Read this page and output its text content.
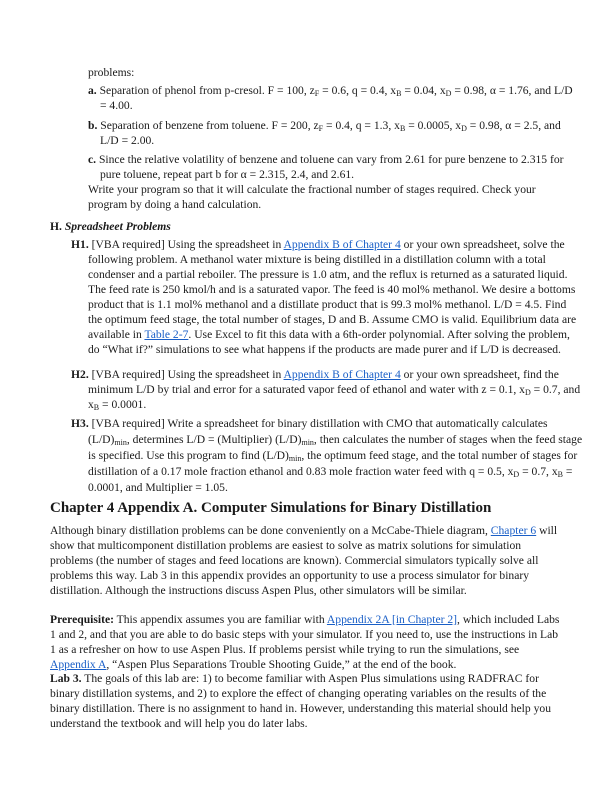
problems:

a. Separation of phenol from p-cresol. F = 100, $z_F = 0.6$, q = 0.4, $x_B = 0.04$, $x_D = 0.98$, α = 1.76, and L/D = 4.00.

b. Separation of benzene from toluene. F = 200, $z_F = 0.4$, q = 1.3, $x_B = 0.0005$, $x_D = 0.98$, α = 2.5, and L/D = 2.00.

c. Since the relative volatility of benzene and toluene can vary from 2.61 for pure benzene to 2.315 for pure toluene, repeat part b for α = 2.315, 2.4, and 2.61.

Write your program so that it will calculate the fractional number of stages required. Check your program by doing a hand calculation.

H. Spreadsheet Problems

H1. [VBA required] Using the spreadsheet in Appendix B of Chapter 4 or your own spreadsheet, solve the following problem. A methanol water mixture is being distilled in a distillation column with a total condenser and a partial reboiler. The pressure is 1.0 atm, and the reflux is returned as a saturated liquid. The feed rate is 250 kmol/h and is a saturated vapor. The feed is 40 mol% methanol. We desire a bottoms product that is 1.1 mol% methanol and a distillate product that is 99.3 mol% methanol. L/D = 4.5. Find the optimum feed stage, the total number of stages, D and B. Assume CMO is valid. Equilibrium data are available in Table 2-7. Use Excel to fit this data with a 6th-order polynomial. After solving the problem, do “What if?” simulations to see what happens if the products are made purer and if L/D is decreased.

H2. [VBA required] Using the spreadsheet in Appendix B of Chapter 4 or your own spreadsheet, find the minimum L/D by trial and error for a saturated vapor feed of ethanol and water with z = 0.1, $x_D = 0.7$, and $x_B = 0.0001$.

H3. [VBA required] Write a spreadsheet for binary distillation with CMO that automatically calculates $(L/D)_{min}$, determines L/D = (Multiplier) $(L/D)_{min}$, then calculates the number of stages when the feed stage is specified. Use this program to find $(L/D)_{min}$, the optimum feed stage, and the total number of stages for distillation of a 0.17 mole fraction ethanol and 0.83 mole fraction water feed with q = 0.5, $x_D = 0.7$, $x_B = 0.0001$, and Multiplier = 1.05.

Chapter 4 Appendix A. Computer Simulations for Binary Distillation

Although binary distillation problems can be done conveniently on a McCabe-Thiele diagram, Chapter 6 will show that multicomponent distillation problems are easiest to solve as matrix solutions for simulation problems (the number of stages and feed locations are known). Commercial simulators typically solve all problems this way. Lab 3 in this appendix provides an opportunity to use a process simulator for binary distillation. Although the instructions discuss Aspen Plus, other simulators will be similar.

Prerequisite: This appendix assumes you are familiar with Appendix 2A [in Chapter 2], which included Labs 1 and 2, and that you are able to do basic steps with your simulator. If you need to, use the instructions in Lab 1 as a refresher on how to use Aspen Plus. If problems persist while trying to run the simulations, see Appendix A, “Aspen Plus Separations Trouble Shooting Guide,” at the end of the book.

Lab 3. The goals of this lab are: 1) to become familiar with Aspen Plus simulations using RADFRAC for binary distillation systems, and 2) to explore the effect of changing operating variables on the results of the binary distillation. There is no assignment to hand in. However, understanding this material should help you understand the textbook and will help you do later labs.
